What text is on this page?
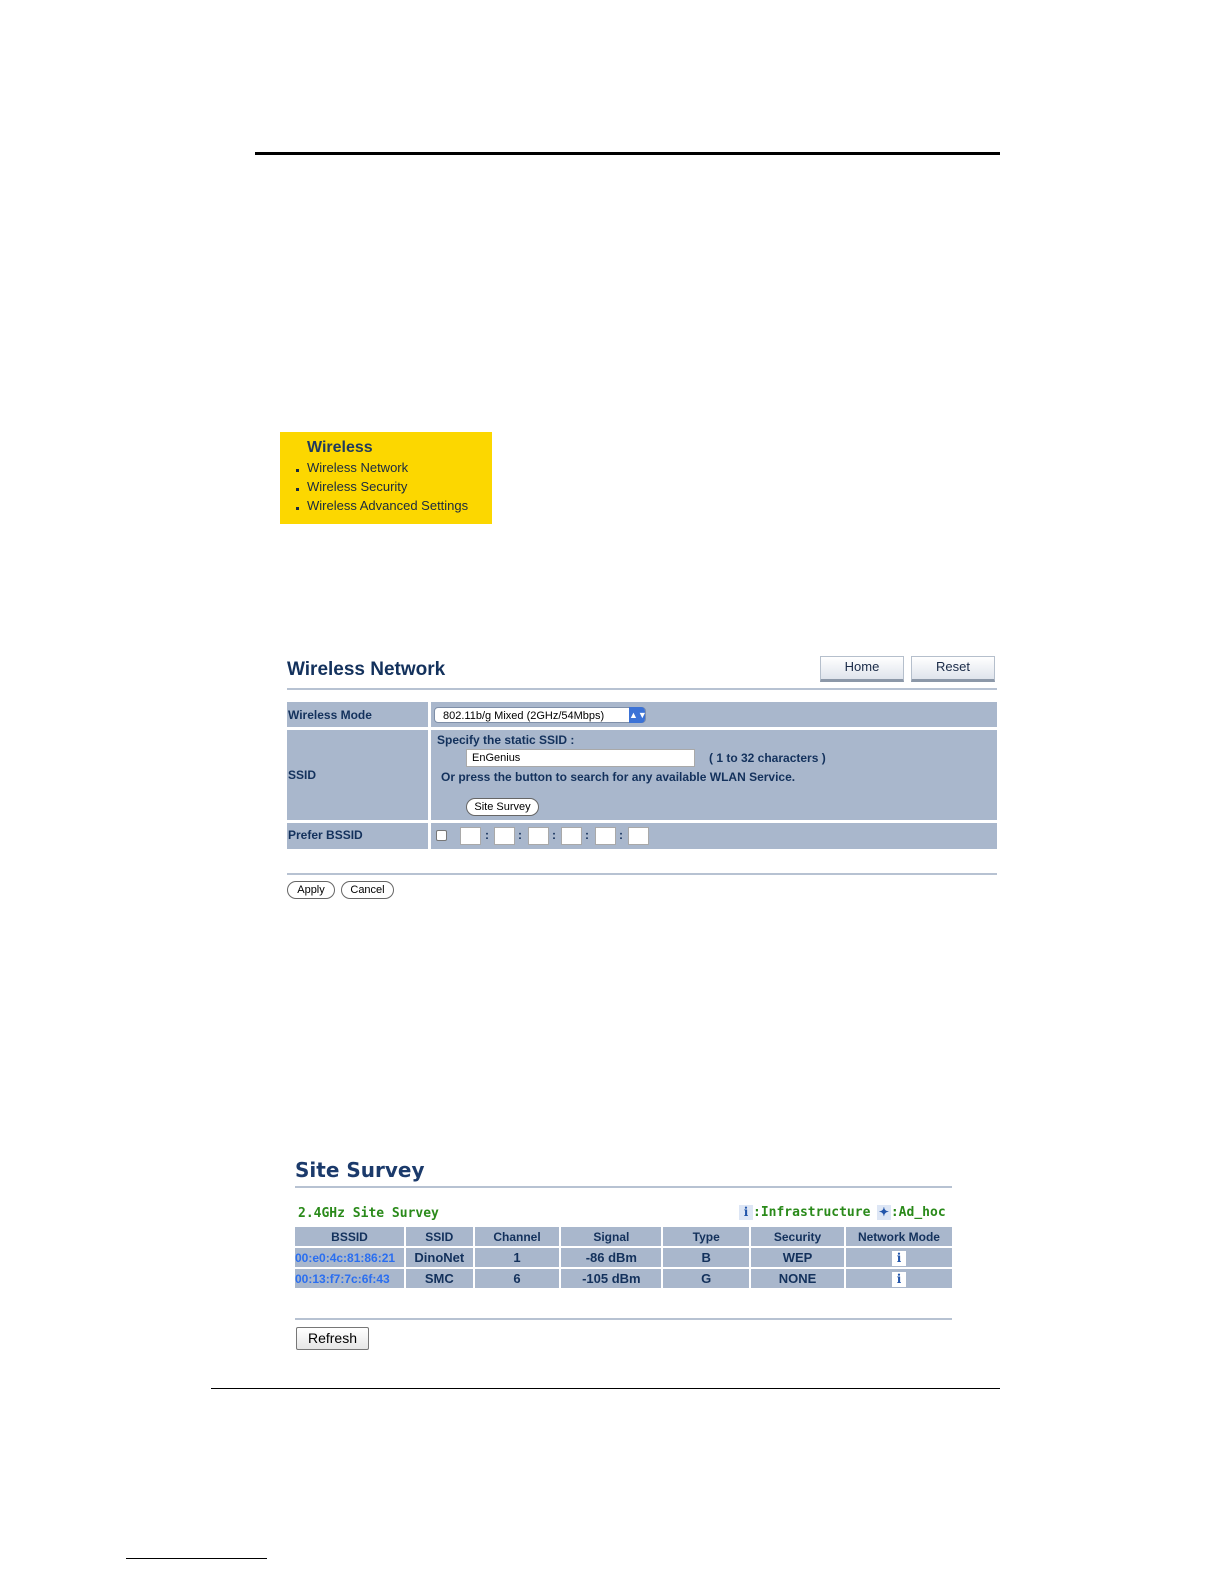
Wireless
Wireless Network
Wireless Security
Wireless Advanced Settings
Wireless Network	Home	Reset
Wireless Mode	802.11b/g Mixed (2GHz/54Mbps)	▲▼
SSID
Specify the static SSID :
EnGenius	( 1 to 32 characters )
Or press the button to search for any available WLAN Service.
Site Survey
Prefer BSSID	: :	: :	:
Apply	Cancel
Site Survey
2.4GHz Site Survey	i :Infrastructure ✦ :Ad_hoc
BSSID	SSID	Channel	Signal	Type	Security	Network Mode
00:e0:4c:81:86:21	DinoNet	1	-86 dBm	B	WEP	i
00:13:f7:7c:6f:43	SMC	6	-105 dBm	G	NONE	i
Refresh
